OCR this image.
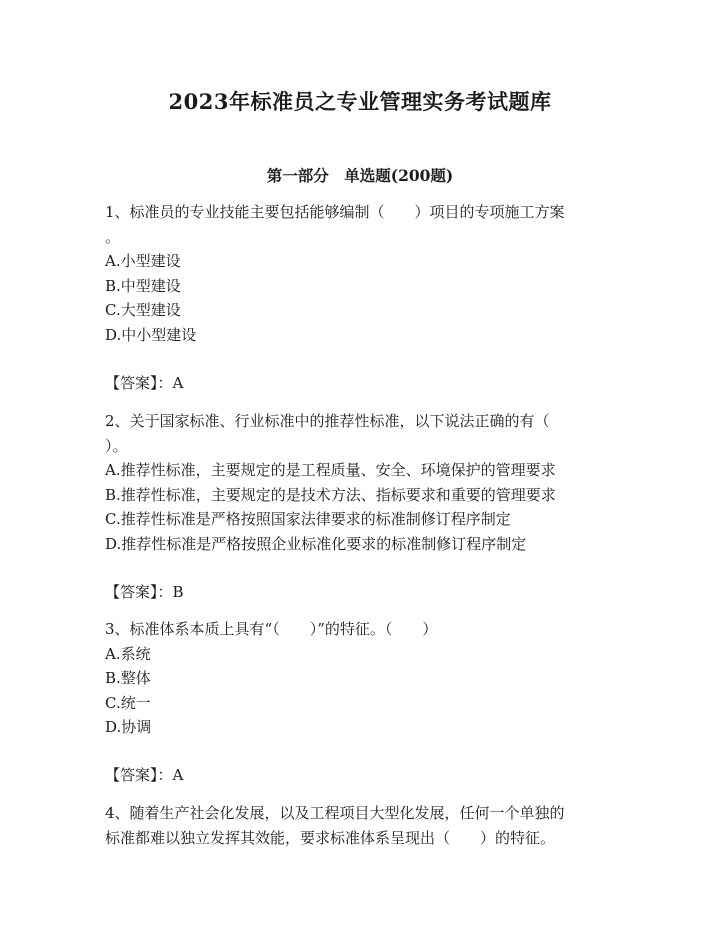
2023年标准员之专业管理实务考试题库
第一部分　单选题(200题)
1、标准员的专业技能主要包括能够编制（　　）项目的专项施工方案
。
A.小型建设
B.中型建设
C.大型建设
D.中小型建设
【答案】：A
2、关于国家标准、行业标准中的推荐性标准，以下说法正确的有（
）。
A.推荐性标准，主要规定的是工程质量、安全、环境保护的管理要求
B.推荐性标准，主要规定的是技术方法、指标要求和重要的管理要求
C.推荐性标准是严格按照国家法律要求的标准制修订程序制定
D.推荐性标准是严格按照企业标准化要求的标准制修订程序制定
【答案】：B
3、标准体系本质上具有“（　　）”的特征。（　　）
A.系统
B.整体
C.统一
D.协调
【答案】：A
4、随着生产社会化发展，以及工程项目大型化发展，任何一个单独的
标准都难以独立发挥其效能，要求标准体系呈现出（　　）的特征。
